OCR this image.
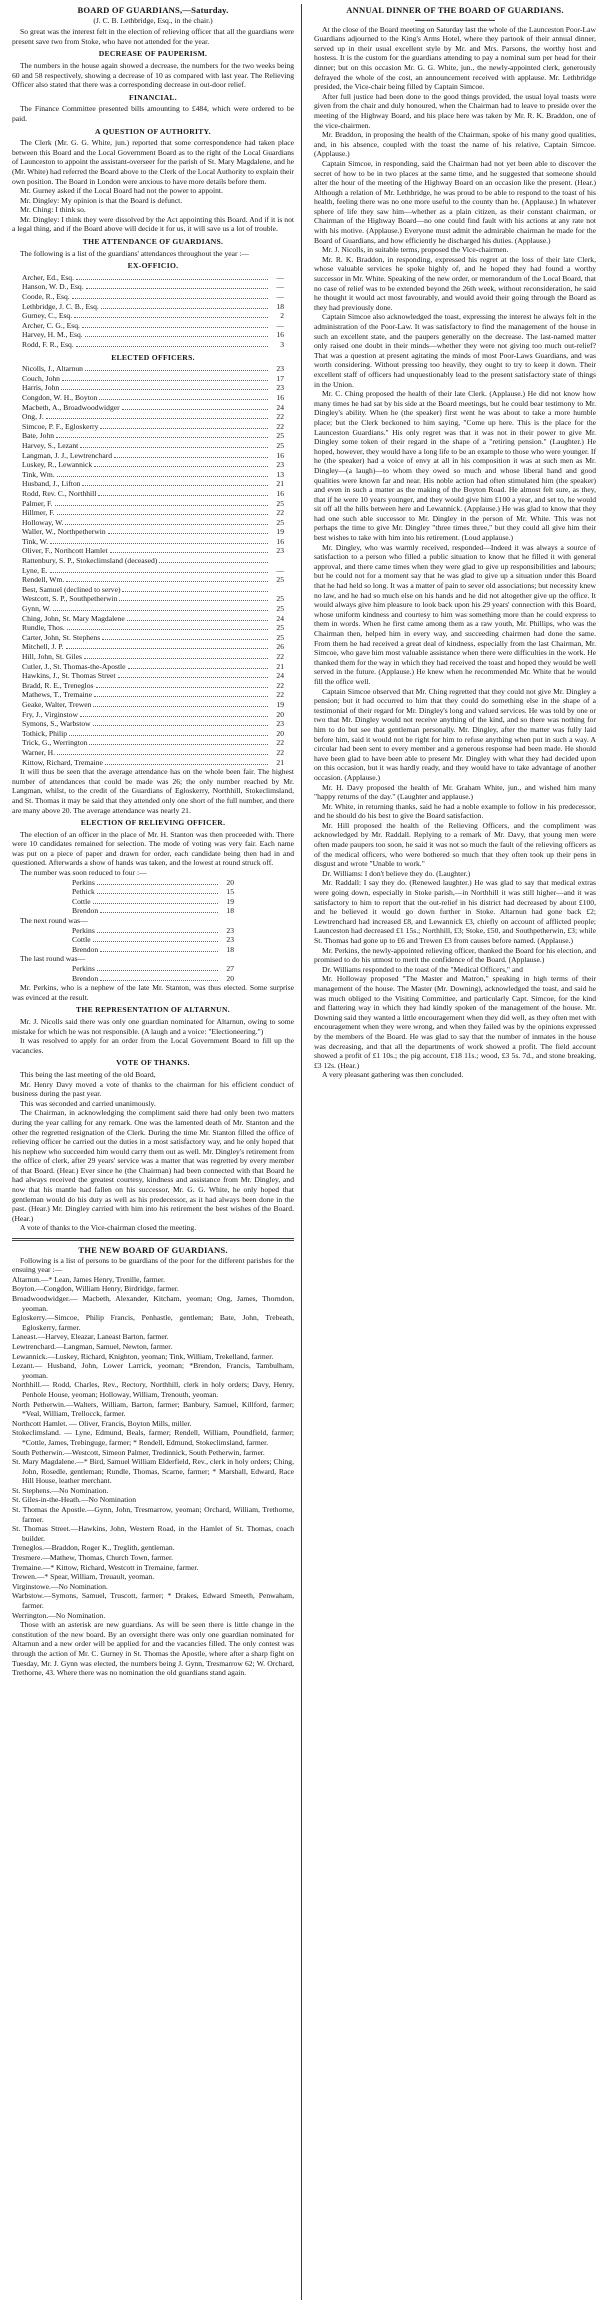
BOARD OF GUARDIANS,—Saturday.
(J. C. B. Lethbridge, Esq., in the chair.)

So great was the interest felt in the election of relieving officer that all the guardians were present save two from Stoke, who have not attended for the year.

DECREASE OF PAUPERISM.

The numbers in the house again showed a decrease, the numbers for the two weeks being 60 and 58 respectively, showing a decrease of 10 as compared with last year. The Relieving Officer also stated that there was a corresponding decrease in out-door relief.

FINANCIAL.

The Finance Committee presented bills amounting to £484, which were ordered to be paid.

A QUESTION OF AUTHORITY.

The Clerk (Mr. G. G. White, jun.) reported that some correspondence had taken place between this Board and the Local Government Board as to the right of the Local Guardians of Launceston to appoint the assistant-overseer for the parish of St. Mary Magdalene, and he (Mr. White) had referred the Board above to the Clerk of the Local Authority to explain their own position. The Board in London were anxious to have more details before them.

Mr. Gurney asked if the Local Board had not the power to appoint.

Mr. Dingley: My opinion is that the Board is defunct.

Mr. Ching: I think so.

Mr. Dingley: I think they were dissolved by the Act appointing this Board. And if it is not a legal thing, and if the Board above will decide it for us, it will save us a lot of trouble.

THE ATTENDANCE OF GUARDIANS.

The following is a list of the guardians' attendances throughout the year :—

EX-OFFICIO.
Archer, Ed., Esq.	—
Hanson, W. D., Esq.	—
Coode, R., Esq.	—
Lethbridge, J. C. B., Esq.	18
Gurney, C., Esq.	2
Archer, C. G., Esq.	—
Harvey, H. M., Esq.	16
Rodd, F. R., Esq.	3
ELECTED OFFICERS.
Nicolls, J., Altarnun	23
Couch, John	17
Harris, John	23
Congdon, W. H., Boyton	16
Macbeth, A., Broadwoodwidger	24
Ong, J.	22
Simcoe, P. F., Egloskerry	22
Bate, John	25
Harvey, S., Lezant	25
Langman, J. J., Lewtrenchard	16
Luskey, R., Lewannick	23
Tink, Wm.	13
Husband, J., Lifton	21
Rodd, Rev. C., Northhill	16
Palmer, F.	25
Hillmer, F.	22
Holloway, W.	25
Waller, W., Northpetherwin	19
Tink, W.	16
Oliver, F., Northcott Hamlet	23
Rattenbury, S. P., Stokeclimsland (deceased)
Lyne, E.	—
Rendell, Wm.	25
Best, Samuel (declined to serve)
Westcott, S. P., Southpetherwin	25
Gynn, W.	25
Ching, John, St. Mary Magdalene	24
Rundle, Thos.	25
Carter, John, St. Stephens	25
Mitchell, J. P.	26
Hill, John, St. Giles	22
Cutler, J., St. Thomas-the-Apostle	21
Hawkins, J., St. Thomas Street	24
Bradd, R. E., Treneglos	22
Mathews, T., Tremaine	22
Geake, Walter, Trewen	19
Fry, J., Virginstow	20
Symons, S., Warbstow	23
Tothick, Philip	20
Trick, G., Werrington	22
Warner, H.	22
Kittow, Richard, Tremaine	21

It will thus be seen that the average attendance has on the whole been fair. The highest number of attendances that could be made was 26; the only number reached by Mr. Langman, whilst, to the credit of the Guardians of Egloskerry, Northhill, Stokeclimsland, and St. Thomas it may be said that they attended only one short of the full number, and there are many above 20. The average attendance was nearly 21.

ELECTION OF RELIEVING OFFICER.

The election of an officer in the place of Mr. H. Stanton was then proceeded with. There were 10 candidates remained for selection. The mode of voting was very fair. Each name was put on a piece of paper and drawn for order, each candidate being then had in and questioned. Afterwards a show of hands was taken, and the lowest at round struck off.

The number was soon reduced to four :—

Perkins	20
Pethick	15
Cottle	19
Brendon	18

The next round was—

Perkins	23
Cottle	23
Brendon	18

The last round was—

Perkins	27
Brendon	20

Mr. Perkins, who is a nephew of the late Mr. Stanton, was thus elected. Some surprise was evinced at the result.

THE REPRESENTATION OF ALTARNUN.

Mr. J. Nicolls said there was only one guardian nominated for Altarnun, owing to some mistake for which he was not responsible. (A laugh and a voice: "Electioneering.")

It was resolved to apply for an order from the Local Government Board to fill up the vacancies.

VOTE OF THANKS.

This being the last meeting of the old Board,

Mr. Henry Davy moved a vote of thanks to the chairman for his efficient conduct of business during the past year.

This was seconded and carried unanimously.

The Chairman, in acknowledging the compliment said there had only been two matters during the year calling for any remark. One was the lamented death of Mr. Stanton and the other the regretted resignation of the Clerk. During the time Mr. Stanton filled the office of relieving officer he carried out the duties in a most satisfactory way, and he only hoped that his nephew who succeeded him would carry them out as well. Mr. Dingley's retirement from the office of clerk, after 29 years' service was a matter that was regretted by every member of that Board. (Hear.) Ever since he (the Chairman) had been connected with that Board he had always received the greatest courtesy, kindness and assistance from Mr. Dingley, and now that his mantle had fallen on his successor, Mr. G. G. White, he only hoped that gentleman would do his duty as well as his predecessor, as it had always been done in the past. (Hear.) Mr. Dingley carried with him into his retirement the best wishes of the Board. (Hear.)

A vote of thanks to the Vice-chairman closed the meeting.

THE NEW BOARD OF GUARDIANS.

Following is a list of persons to be guardians of the poor for the different parishes for the ensuing year :—

Altarnun.—* Lean, James Henry, Trenille, farmer.
Boyton.—Congdon, William Henry, Birdridge, farmer.
Broadwoodwidger.— Macbeth, Alexander, Kitcham, yeoman; Ong, James, Thorndon, yeoman.
Egloskerry.—Simcoe, Philip Francis, Penhastle, gentleman; Bate, John, Trebeath, Egloskerry, farmer.
Laneast.—Harvey, Eleazar, Laneast Barton, farmer.
Lewtrenchard.—Langman, Samuel, Newton, farmer.
Lewannick.—Luskey, Richard, Knighton, yeoman; Tink, William, Trekelland, farmer.
Lezant.— Husband, John, Lower Larrick, yeoman; *Brendon, Francis, Tambulham, yeoman.
Northhill.— Rodd, Charles, Rev., Rectory, Northhill, clerk in holy orders; Davy, Henry, Penhole House, yeoman; Holloway, William, Trenouth, yeoman.
North Petherwin.—Walters, William, Barton, farmer; Banbury, Samuel, Killford, farmer; *Veal, William, Trellocck, farmer.
Northcott Hamlet. — Oliver, Francis, Boyton Mills, miller.
Stokeclimsland. — Lyne, Edmund, Beals, farmer; Rendell, William, Poundfield, farmer; *Cottle, James, Trebinguge, farmer; * Rendell, Edmund, Stokeclimsland, farmer.
South Petherwin.—Westcott, Simeon Palmer, Tredinnick, South Petherwin, farmer.
St. Mary Magdalene.—* Bird, Samuel William Elderfield, Rev., clerk in holy orders; Ching, John, Rosedle, gentleman; Rundle, Thomas, Scarne, farmer; * Marshall, Edward, Race Hill House, leather merchant.
St. Stephens.—No Nomination.
St. Giles-in-the-Heath.—No Nomination
St. Thomas the Apostle.—Gynn, John, Tresmarrow, yeoman; Orchard, William, Trethorne, farmer.
St. Thomas Street.—Hawkins, John, Western Road, in the Hamlet of St. Thomas, coach builder.
Treneglos.—Braddon, Roger K., Treglith, gentleman.
Tresmere.—Mathew, Thomas, Church Town, farmer.
Tremaine.—* Kittow, Richard, Westcott in Tremaine, farmer.
Trewen.—* Spear, William, Treuault, yeoman.
Virginstowe.—No Nomination.
Warbstow.—Symons, Samuel, Truscott, farmer; * Drakes, Edward Smeeth, Penwaham, farmer.
Werrington.—No Nomination.

Those with an asterisk are new guardians. As will be seen there is little change in the constitution of the new board. By an oversight there was only one guardian nominated for Altarnun and a new order will be applied for and the vacancies filled. The only contest was through the action of Mr. C. Gurney in St. Thomas the Apostle, where after a sharp fight on Tuesday, Mr. J. Gynn was elected, the numbers being J. Gynn, Tresmarrow 62; W. Orchard, Trethorne, 43. Where there was no nomination the old guardians stand again.

ANNUAL DINNER OF THE BOARD OF GUARDIANS.

At the close of the Board meeting on Saturday last the whole of the Launceston Poor-Law Guardians adjourned to the King's Arms Hotel, where they partook of their annual dinner, served up in their usual excellent style by Mr. and Mrs. Parsons, the worthy host and hostess. It is the custom for the guardians attending to pay a nominal sum per head for their dinner; but on this occasion Mr. G. G. White, jun., the newly-appointed clerk, generously defrayed the whole of the cost, an announcement received with applause. Mr. Lethbridge presided, the Vice-chair being filled by Captain Simcoe.

After full justice had been done to the good things provided, the usual loyal toasts were given from the chair and duly honoured, when the Chairman had to leave to preside over the meeting of the Highway Board, and his place here was taken by Mr. R. K. Braddon, one of the vice-chairmen.

Mr. Braddon, in proposing the health of the Chairman, spoke of his many good qualities, and, in his absence, coupled with the toast the name of his relative, Captain Simcoe. (Applause.)

Captain Simcoe, in responding, said the Chairman had not yet been able to discover the secret of how to be in two places at the same time, and he suggested that someone should alter the hour of the meeting of the Highway Board on an occasion like the present. (Hear.) Although a relation of Mr. Lethbridge, he was proud to be able to respond to the toast of his health, feeling there was no one more useful to the county than he. (Applause.) In whatever sphere of life they saw him—whether as a plain citizen, as their constant chairman, or Chairman of the Highway Board—no one could find fault with his actions at any rate not with his motive. (Applause.) Everyone must admit the admirable chairman he made for the Board of Guardians, and how efficiently he discharged his duties. (Applause.)

Mr. J. Nicolls, in suitable terms, proposed the Vice-chairmen.

Mr. R. K. Braddon, in responding, expressed his regret at the loss of their late Clerk, whose valuable services he spoke highly of, and he hoped they had found a worthy successor in Mr. White. Speaking of the new order, or memorandum of the Local Board, that no case of relief was to be extended beyond the 26th week, without reconsideration, he said he thought it would act most favourably, and would avoid their going through the Board as they had previously done.

Captain Simcoe also acknowledged the toast, expressing the interest he always felt in the administration of the Poor-Law. It was satisfactory to find the management of the house in such an excellent state, and the paupers generally on the decrease. The last-named matter only raised one doubt in their minds—whether they were not giving too much out-relief? That was a question at present agitating the minds of most Poor-Laws Guardians, and was worth considering. Without pressing too heavily, they ought to try to keep it down. Their excellent staff of officers had unquestionably lead to the present satisfactory state of things in the Union.

Mr. C. Ching proposed the health of their late Clerk. (Applause.) He did not know how many times he had sat by his side at the Board meetings, but he could bear testimony to Mr. Dingley's ability. When he (the speaker) first went he was about to take a more humble place; but the Clerk beckoned to him saying, "Come up here. This is the place for the Launceston Guardians." His only regret was that it was not in their power to give Mr. Dingley some token of their regard in the shape of a "retiring pension." (Laughter.) He hoped, however, they would have a long life to be an example to those who were younger. If he (the speaker) had a voice of envy at all in his composition it was at such men as Mr. Dingley—(a laugh)—to whom they owed so much and whose liberal hand and good qualities were known far and near. His noble action had often stimulated him (the speaker) and even in such a matter as the making of the Boyton Road. He almost felt sure, as they, that if he were 10 years younger, and they would give him £100 a year, and set to, he would sit off all the hills between here and Lewannick. (Applause.) He was glad to know that they had one such able successor to Mr. Dingley in the person of Mr. White. This was not perhaps the time to give Mr. Dingley "three times three," but they could all give him their best wishes to take with him into his retirement. (Loud applause.)

Mr. Dingley, who was warmly received, responded—Indeed it was always a source of satisfaction to a person who filled a public situation to know that he filled it with general approval, and there came times when they were glad to give up responsibilities and labours; but he could not for a moment say that he was glad to give up a situation under this Board that he had held so long. It was a matter of pain to sever old associations; but necessity knew no law, and he had so much else on his hands and he did not altogether give up the office. It would always give him pleasure to look back upon his 29 years' connection with this Board, whose uniform kindness and courtesy to him was something more than he could express to them in words. When he first came among them as a raw youth, Mr. Phillips, who was the Chairman then, helped him in every way, and succeeding chairmen had done the same. From them he had received a great deal of kindness, especially from the last Chairman, Mr. Simcoe, who gave him most valuable assistance when there were difficulties in the work. He thanked them for the way in which they had received the toast and hoped they would be well served in the future. (Applause.) He knew when he recommended Mr. White that he would fill the office well.

Captain Simcoe observed that Mr. Ching regretted that they could not give Mr. Dingley a pension; but it had occurred to him that they could do something else in the shape of a testimonial of their regard for Mr. Dingley's long and valued services. He was told by one or two that Mr. Dingley would not receive anything of the kind, and so there was nothing for him to do but see that gentleman personally. Mr. Dingley, after the matter was fully laid before him, said it would not be right for him to refuse anything when put in such a way. A circular had been sent to every member and a generous response had been made. He should have been glad to have been able to present Mr. Dingley with what they had decided upon on this occasion, but it was hardly ready, and they would have to take advantage of another occasion. (Applause.)

Mr. H. Davy proposed the health of Mr. Graham White, jun., and wished him many "happy returns of the day." (Laughter and applause.)

Mr. White, in returning thanks, said he had a noble example to follow in his predecessor, and he should do his best to give the Board satisfaction.

Mr. Hill proposed the health of the Relieving Officers, and the compliment was acknowledged by Mr. Raddall. Replying to a remark of Mr. Davy, that young men were often made paupers too soon, he said it was not so much the fault of the relieving officers as of the medical officers, who were bothered so much that they often took up their pens in disgust and wrote "Unable to work."

Dr. Williams: I don't believe they do. (Laughter.)

Mr. Raddall: I say they do. (Renewed laughter.) He was glad to say that medical extras were going down, especially in Stoke parish,—in Northhill it was still higher—and it was satisfactory to him to report that the out-relief in his district had decreased by about £100, and he believed it would go down further in Stoke. Altarnun had gone back £2; Lewtrenchard had increased £8, and Lewannick £3, chiefly on account of afflicted people; Launceston had decreased £1 15s.; Northhill, £3; Stoke, £50, and Southpetherwin, £3; while St. Thomas had gone up to £6 and Trewen £3 from causes before named. (Applause.)

Mr. Perkins, the newly-appointed relieving officer, thanked the Board for his election, and promised to do his utmost to merit the confidence of the Board. (Applause.)

Dr. Williams responded to the toast of the "Medical Officers," and

Mr. Holloway proposed "The Master and Matron," speaking in high terms of their management of the house. The Master (Mr. Downing), acknowledged the toast, and said he was much obliged to the Visiting Committee, and particularly Capt. Simcoe, for the kind and flattering way in which they had kindly spoken of the management of the house. Mr. Downing said they wanted a little encouragement when they did well, as they often met with encouragement when they were wrong, and when they failed was by the opinions expressed by the members of the Board. He was glad to say that the number of inmates in the house was decreasing, and that all the departments of work showed a profit. The field account showed a profit of £1 10s.; the pig account, £18 11s.; wood, £3 5s. 7d., and stone breaking, £3 12s. (Hear.)

A very pleasant gathering was then concluded.
